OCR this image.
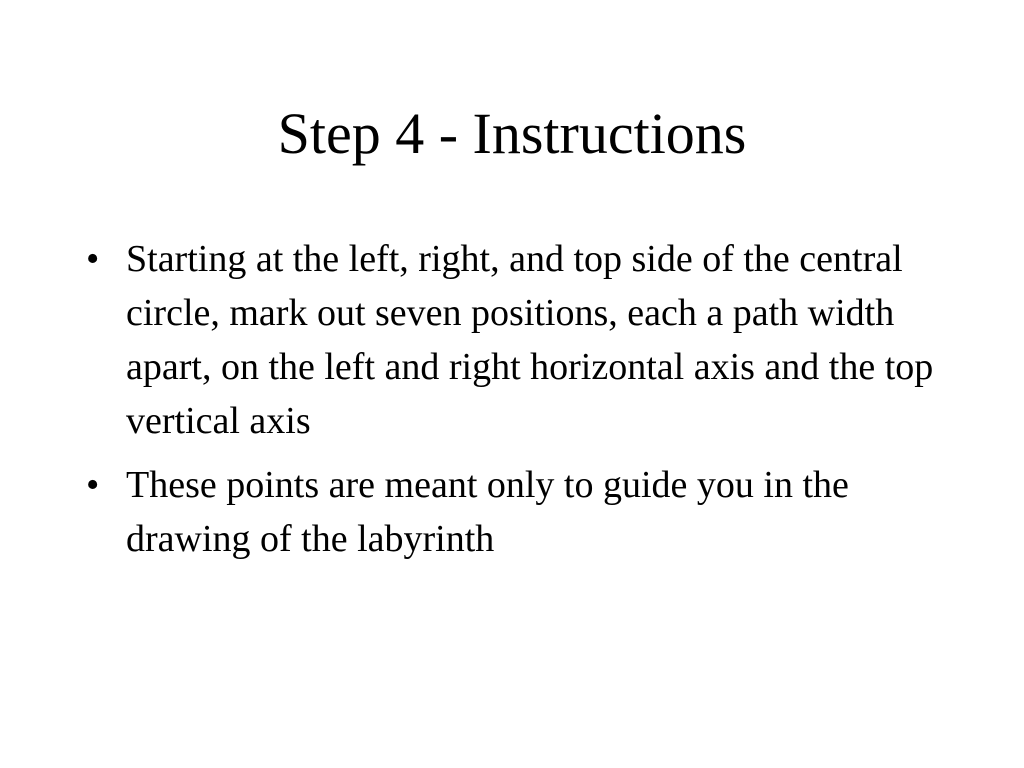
Step 4 - Instructions
• Starting at the left, right, and top side of the central circle, mark out seven positions, each a path width apart, on the left and right horizontal axis and the top vertical axis
• These points are meant only to guide you in the drawing of the labyrinth
